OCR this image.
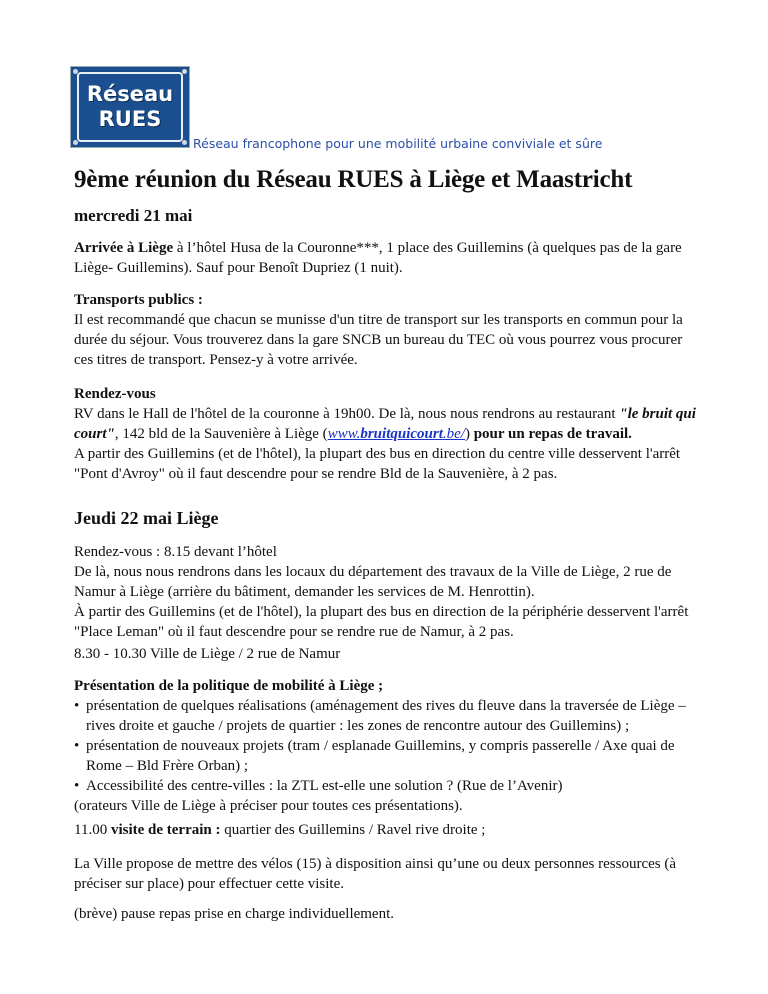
Réseau
RUES
Réseau francophone pour une mobilité urbaine conviviale et sûre
9ème réunion du Réseau RUES à Liège et Maastricht
mercredi 21 mai

Arrivée à Liège à l’hôtel Husa de la Couronne***, 1 place des Guillemins (à quelques pas de la gare Liège- Guillemins). Sauf pour Benoît Dupriez (1 nuit).

Transports publics :

Il est recommandé que chacun se munisse d'un titre de transport sur les transports en commun pour la durée du séjour. Vous trouverez dans la gare SNCB un bureau du TEC où vous pourrez vous procurer ces titres de transport. Pensez-y à votre arrivée.

Rendez-vous

RV dans le Hall de l'hôtel de la couronne à 19h00. De là, nous nous rendrons au restaurant "le bruit qui court", 142 bld de la Sauvenière à Liège (www.bruitquicourt.be/) pour un repas de travail.

A partir des Guillemins (et de l'hôtel), la plupart des bus en direction du centre ville desservent l'arrêt "Pont d'Avroy" où il faut descendre pour se rendre Bld de la Sauvenière, à 2 pas.

Jeudi 22 mai Liège

Rendez-vous : 8.15 devant l’hôtel

De là, nous nous rendrons dans les locaux du département des travaux de la Ville de Liège, 2 rue de Namur à Liège (arrière du bâtiment, demander les services de M. Henrottin).

À partir des Guillemins (et de l'hôtel), la plupart des bus en direction de la périphérie desservent l'arrêt "Place Leman" où il faut descendre pour se rendre rue de Namur, à 2 pas.

8.30 - 10.30 Ville de Liège / 2 rue de Namur

Présentation de la politique de mobilité à Liège ;

• présentation de quelques réalisations (aménagement des rives du fleuve dans la traversée de Liège – rives droite et gauche / projets de quartier : les zones de rencontre autour des Guillemins) ;

• présentation de nouveaux projets (tram / esplanade Guillemins, y compris passerelle / Axe quai de Rome – Bld Frère Orban) ;

• Accessibilité des centre-villes : la ZTL est-elle une solution ? (Rue de l’Avenir)

(orateurs Ville de Liège à préciser pour toutes ces présentations).

11.00 visite de terrain : quartier des Guillemins / Ravel rive droite ;

La Ville propose de mettre des vélos (15) à disposition ainsi qu’une ou deux personnes ressources (à préciser sur place) pour effectuer cette visite.
(brève) pause repas prise en charge individuellement.
